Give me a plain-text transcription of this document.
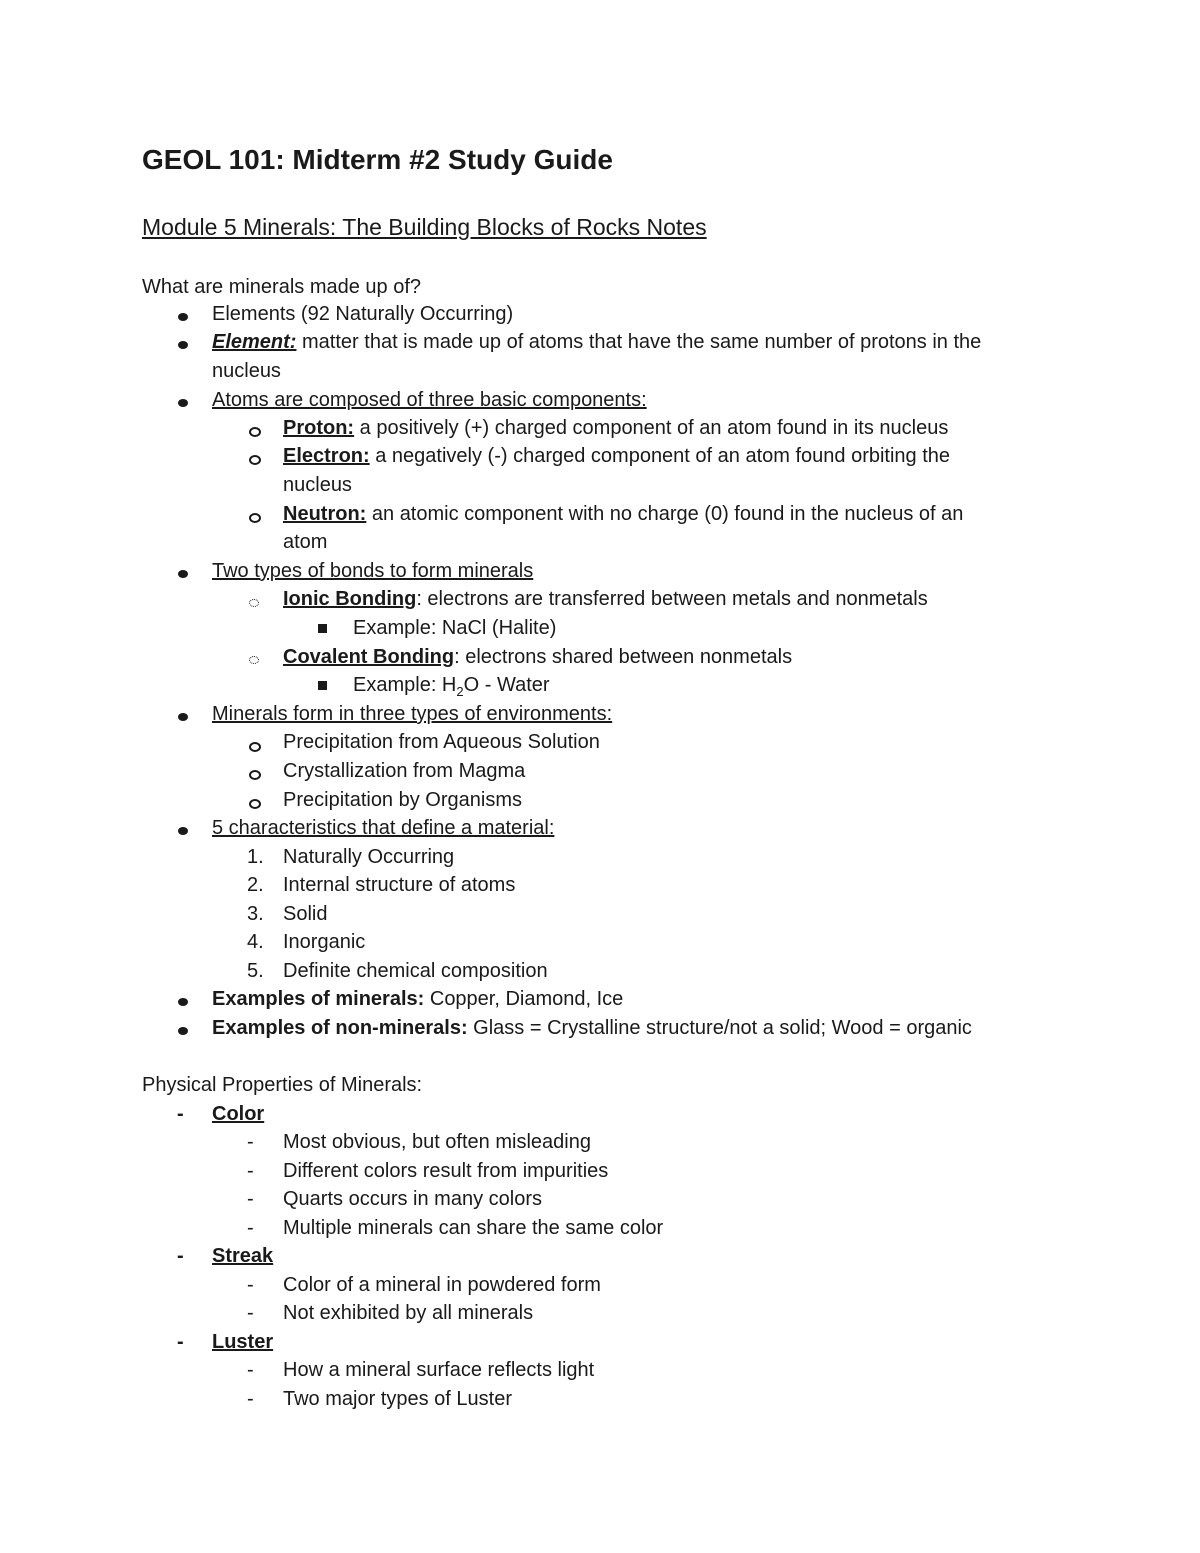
GEOL 101: Midterm #2 Study Guide
Module 5 Minerals: The Building Blocks of Rocks Notes
What are minerals made up of?
Elements (92 Naturally Occurring)
Element: matter that is made up of atoms that have the same number of protons in the
nucleus
Atoms are composed of three basic components:
Proton: a positively (+) charged component of an atom found in its nucleus
Electron: a negatively (-) charged component of an atom found orbiting the
nucleus
Neutron: an atomic component with no charge (0) found in the nucleus of an
atom
Two types of bonds to form minerals
Ionic Bonding: electrons are transferred between metals and nonmetals
Example: NaCl (Halite)
Covalent Bonding: electrons shared between nonmetals
Example: $H_2O$ - Water
Minerals form in three types of environments:
Precipitation from Aqueous Solution
Crystallization from Magma
Precipitation by Organisms
5 characteristics that define a material:
1. Naturally Occurring
2. Internal structure of atoms
3. Solid
4. Inorganic
5. Definite chemical composition
Examples of minerals: Copper, Diamond, Ice
Examples of non-minerals: Glass = Crystalline structure/not a solid; Wood = organic
Physical Properties of Minerals:
- Color
- Most obvious, but often misleading
- Different colors result from impurities
- Quarts occurs in many colors
- Multiple minerals can share the same color
- Streak
- Color of a mineral in powdered form
- Not exhibited by all minerals
- Luster
- How a mineral surface reflects light
- Two major types of Luster
